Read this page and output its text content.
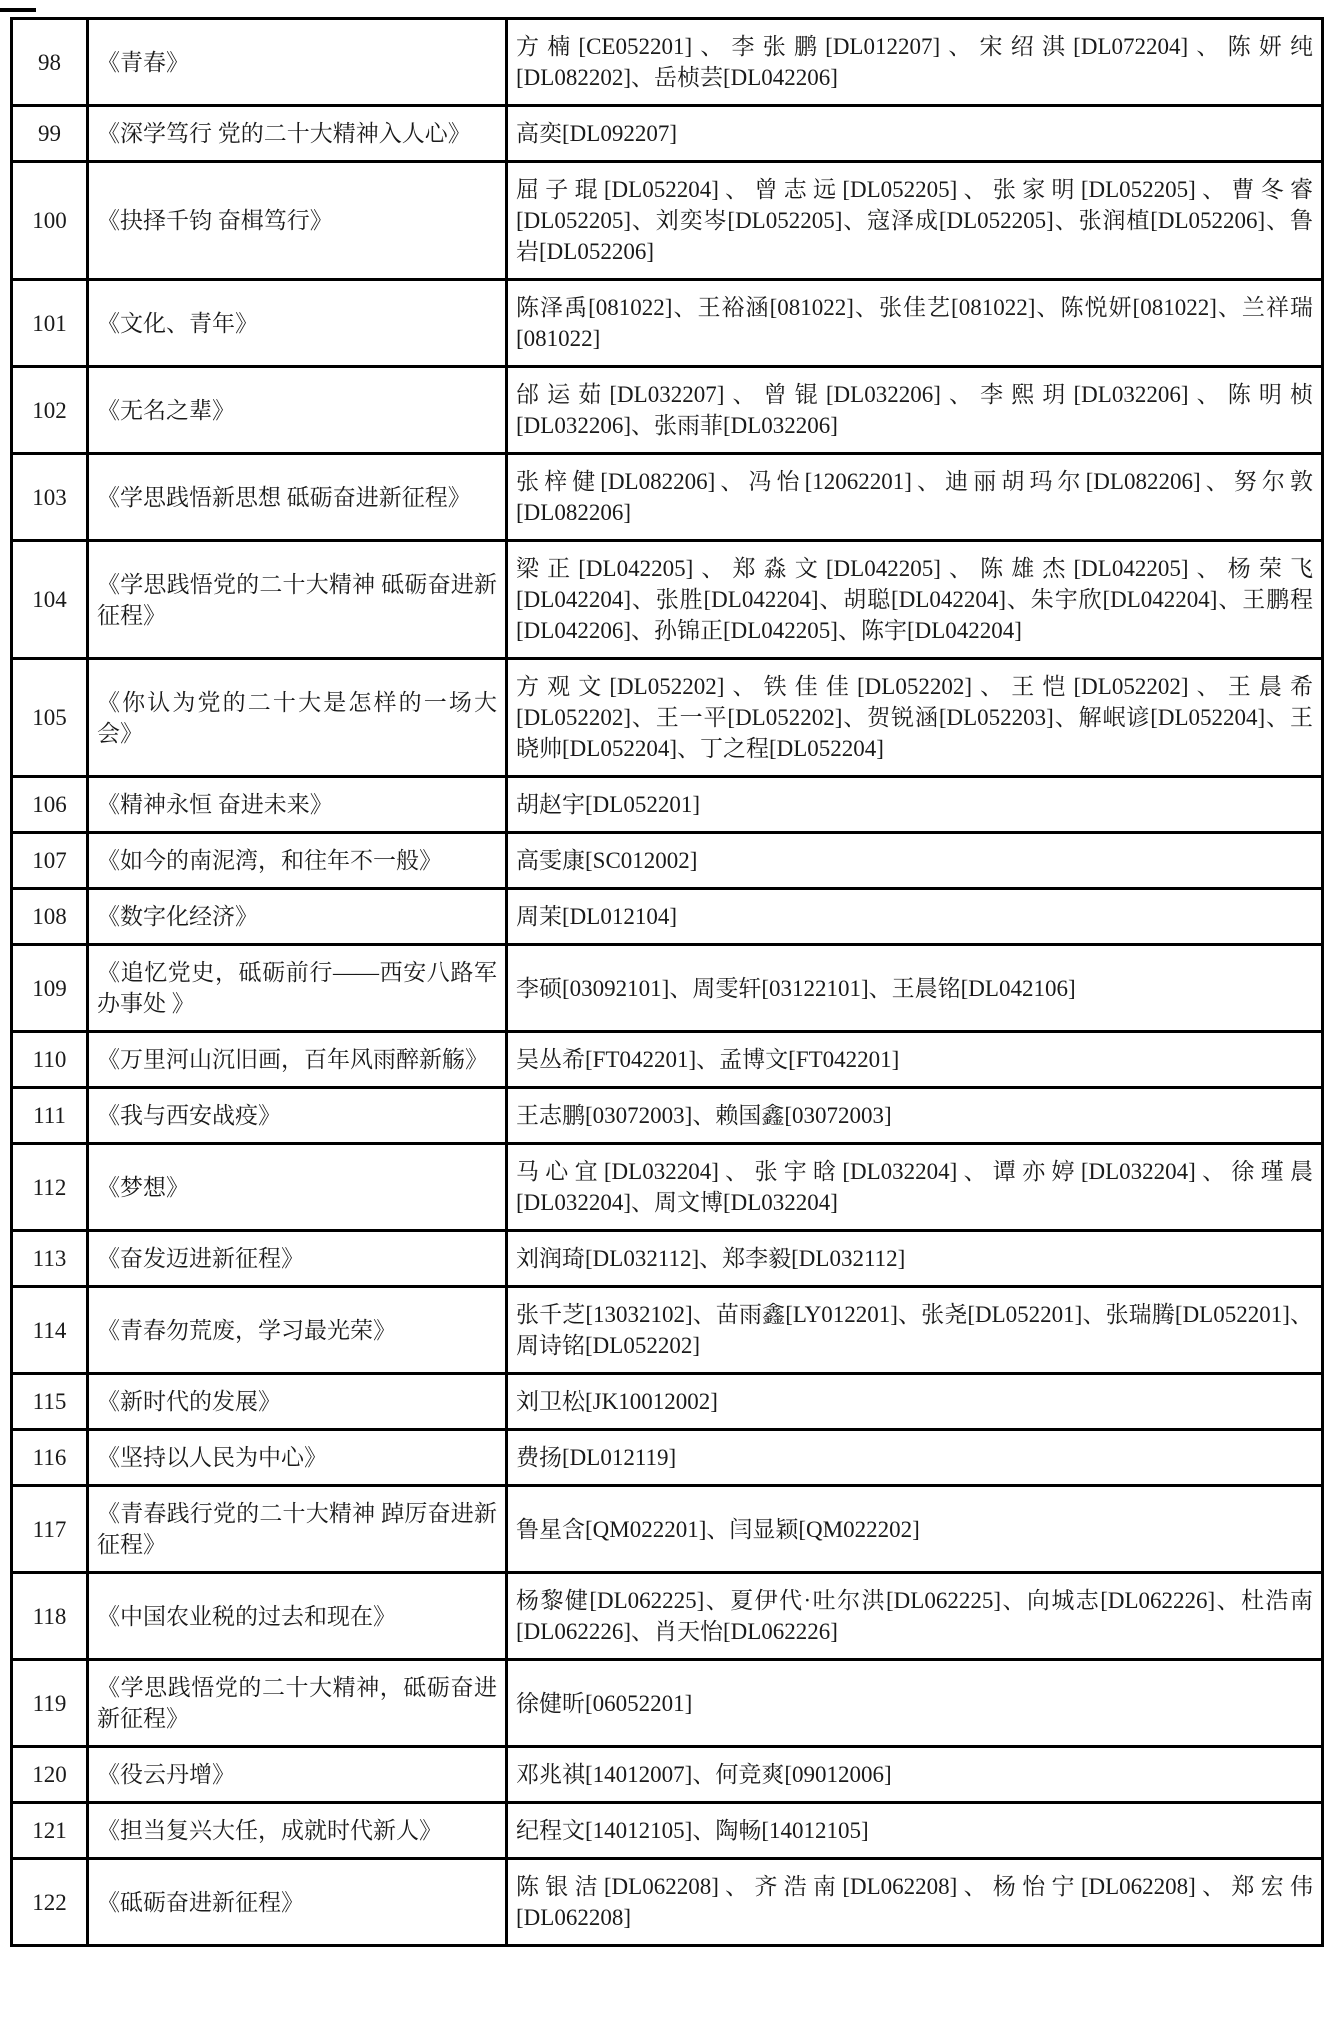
98	《青春》	方楠[CE052201]、李张鹏[DL012207]、宋绍淇[DL072204]、陈妍纯[DL082202]、岳桢芸[DL042206]
99	《深学笃行 党的二十大精神入人心》	高奕[DL092207]
100	《抉择千钧 奋楫笃行》	屈子琨[DL052204]、曾志远[DL052205]、张家明[DL052205]、曹冬睿[DL052205]、刘奕岑[DL052205]、寇泽成[DL052205]、张润植[DL052206]、鲁岩[DL052206]
101	《文化、青年》	陈泽禹[081022]、王裕涵[081022]、张佳艺[081022]、陈悦妍[081022]、兰祥瑞[081022]
102	《无名之辈》	邰运茹[DL032207]、曾锟[DL032206]、李熙玥[DL032206]、陈明桢[DL032206]、张雨菲[DL032206]
103	《学思践悟新思想 砥砺奋进新征程》	张梓健[DL082206]、冯怡[12062201]、迪丽胡玛尔[DL082206]、努尔敦[DL082206]
104	《学思践悟党的二十大精神 砥砺奋进新征程》	梁正[DL042205]、郑淼文[DL042205]、陈雄杰[DL042205]、杨荣飞[DL042204]、张胜[DL042204]、胡聪[DL042204]、朱宇欣[DL042204]、王鹏程[DL042206]、孙锦正[DL042205]、陈宇[DL042204]
105	《你认为党的二十大是怎样的一场大会》	方观文[DL052202]、铁佳佳[DL052202]、王恺[DL052202]、王晨希[DL052202]、王一平[DL052202]、贺锐涵[DL052203]、解岷谚[DL052204]、王晓帅[DL052204]、丁之程[DL052204]
106	《精神永恒 奋进未来》	胡赵宇[DL052201]
107	《如今的南泥湾，和往年不一般》	高雯康[SC012002]
108	《数字化经济》	周茉[DL012104]
109	《追忆党史，砥砺前行——西安八路军办事处 》	李硕[03092101]、周雯轩[03122101]、王晨铭[DL042106]
110	《万里河山沉旧画，百年风雨醉新觞》	吴丛希[FT042201]、孟博文[FT042201]
111	《我与西安战疫》	王志鹏[03072003]、赖国鑫[03072003]
112	《梦想》	马心宜[DL032204]、张宇晗[DL032204]、谭亦婷[DL032204]、徐瑾晨[DL032204]、周文博[DL032204]
113	《奋发迈进新征程》	刘润琦[DL032112]、郑李毅[DL032112]
114	《青春勿荒废，学习最光荣》	张千芝[13032102]、苗雨鑫[LY012201]、张尧[DL052201]、张瑞腾[DL052201]、周诗铭[DL052202]
115	《新时代的发展》	刘卫松[JK10012002]
116	《坚持以人民为中心》	费扬[DL012119]
117	《青春践行党的二十大精神 踔厉奋进新征程》	鲁星含[QM022201]、闫显颖[QM022202]
118	《中国农业税的过去和现在》	杨黎健[DL062225]、夏伊代·吐尔洪[DL062225]、向城志[DL062226]、杜浩南[DL062226]、肖天怡[DL062226]
119	《学思践悟党的二十大精神，砥砺奋进新征程》	徐健昕[06052201]
120	《役云丹增》	邓兆祺[14012007]、何竞爽[09012006]
121	《担当复兴大任，成就时代新人》	纪程文[14012105]、陶畅[14012105]
122	《砥砺奋进新征程》	陈银洁[DL062208]、齐浩南[DL062208]、杨怡宁[DL062208]、郑宏伟[DL062208]
